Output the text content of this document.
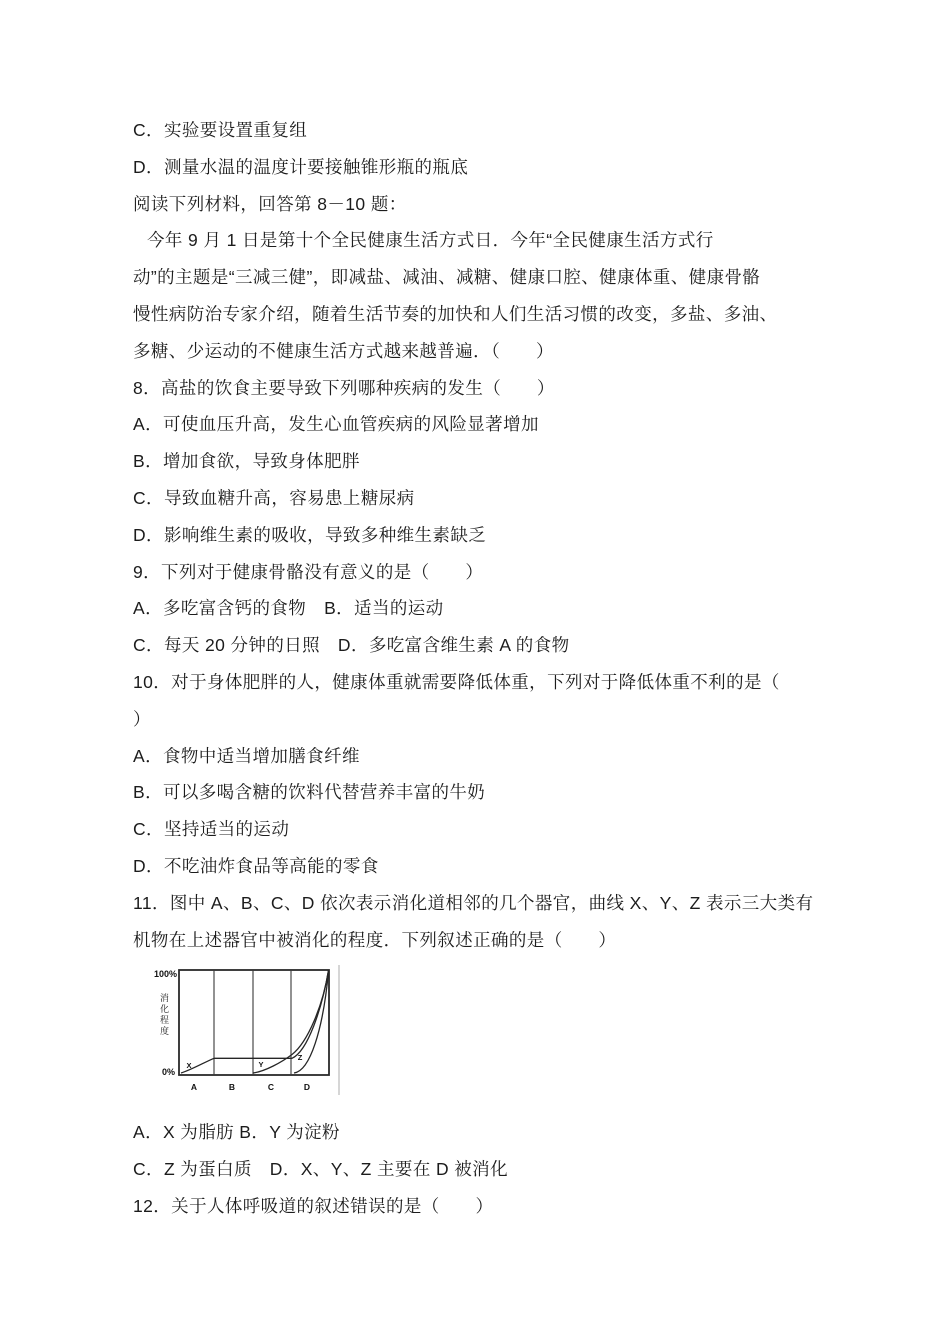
C．实验要设置重复组
D．测量水温的温度计要接触锥形瓶的瓶底
阅读下列材料，回答第 8－10 题：
今年 9 月 1 日是第十个全民健康生活方式日．今年“全民健康生活方式行
动”的主题是“三减三健”，即减盐、减油、减糖、健康口腔、健康体重、健康骨骼
慢性病防治专家介绍，随着生活节奏的加快和人们生活习惯的改变，多盐、多油、
多糖、少运动的不健康生活方式越来越普遍．（　　）
8．高盐的饮食主要导致下列哪种疾病的发生（　　）
A．可使血压升高，发生心血管疾病的风险显著增加
B．增加食欲，导致身体肥胖
C．导致血糖升高，容易患上糖尿病
D．影响维生素的吸收，导致多种维生素缺乏
9．下列对于健康骨骼没有意义的是（　　）
A．多吃富含钙的食物　B．适当的运动
C．每天 20 分钟的日照　D．多吃富含维生素 A 的食物
10．对于身体肥胖的人，健康体重就需要降低体重，下列对于降低体重不利的是（
）
A．食物中适当增加膳食纤维
B．可以多喝含糖的饮料代替营养丰富的牛奶
C．坚持适当的运动
D．不吃油炸食品等高能的零食
11．图中 A、B、C、D 依次表示消化道相邻的几个器官，曲线 X、Y、Z 表示三大类有
机物在上述器官中被消化的程度．下列叙述正确的是（　　）
100%
0%
A	B	C	D
X	Y
Z
消化程度
A．X 为脂肪 B．Y 为淀粉
C．Z 为蛋白质　D．X、Y、Z 主要在 D 被消化
12．关于人体呼吸道的叙述错误的是（　　）
